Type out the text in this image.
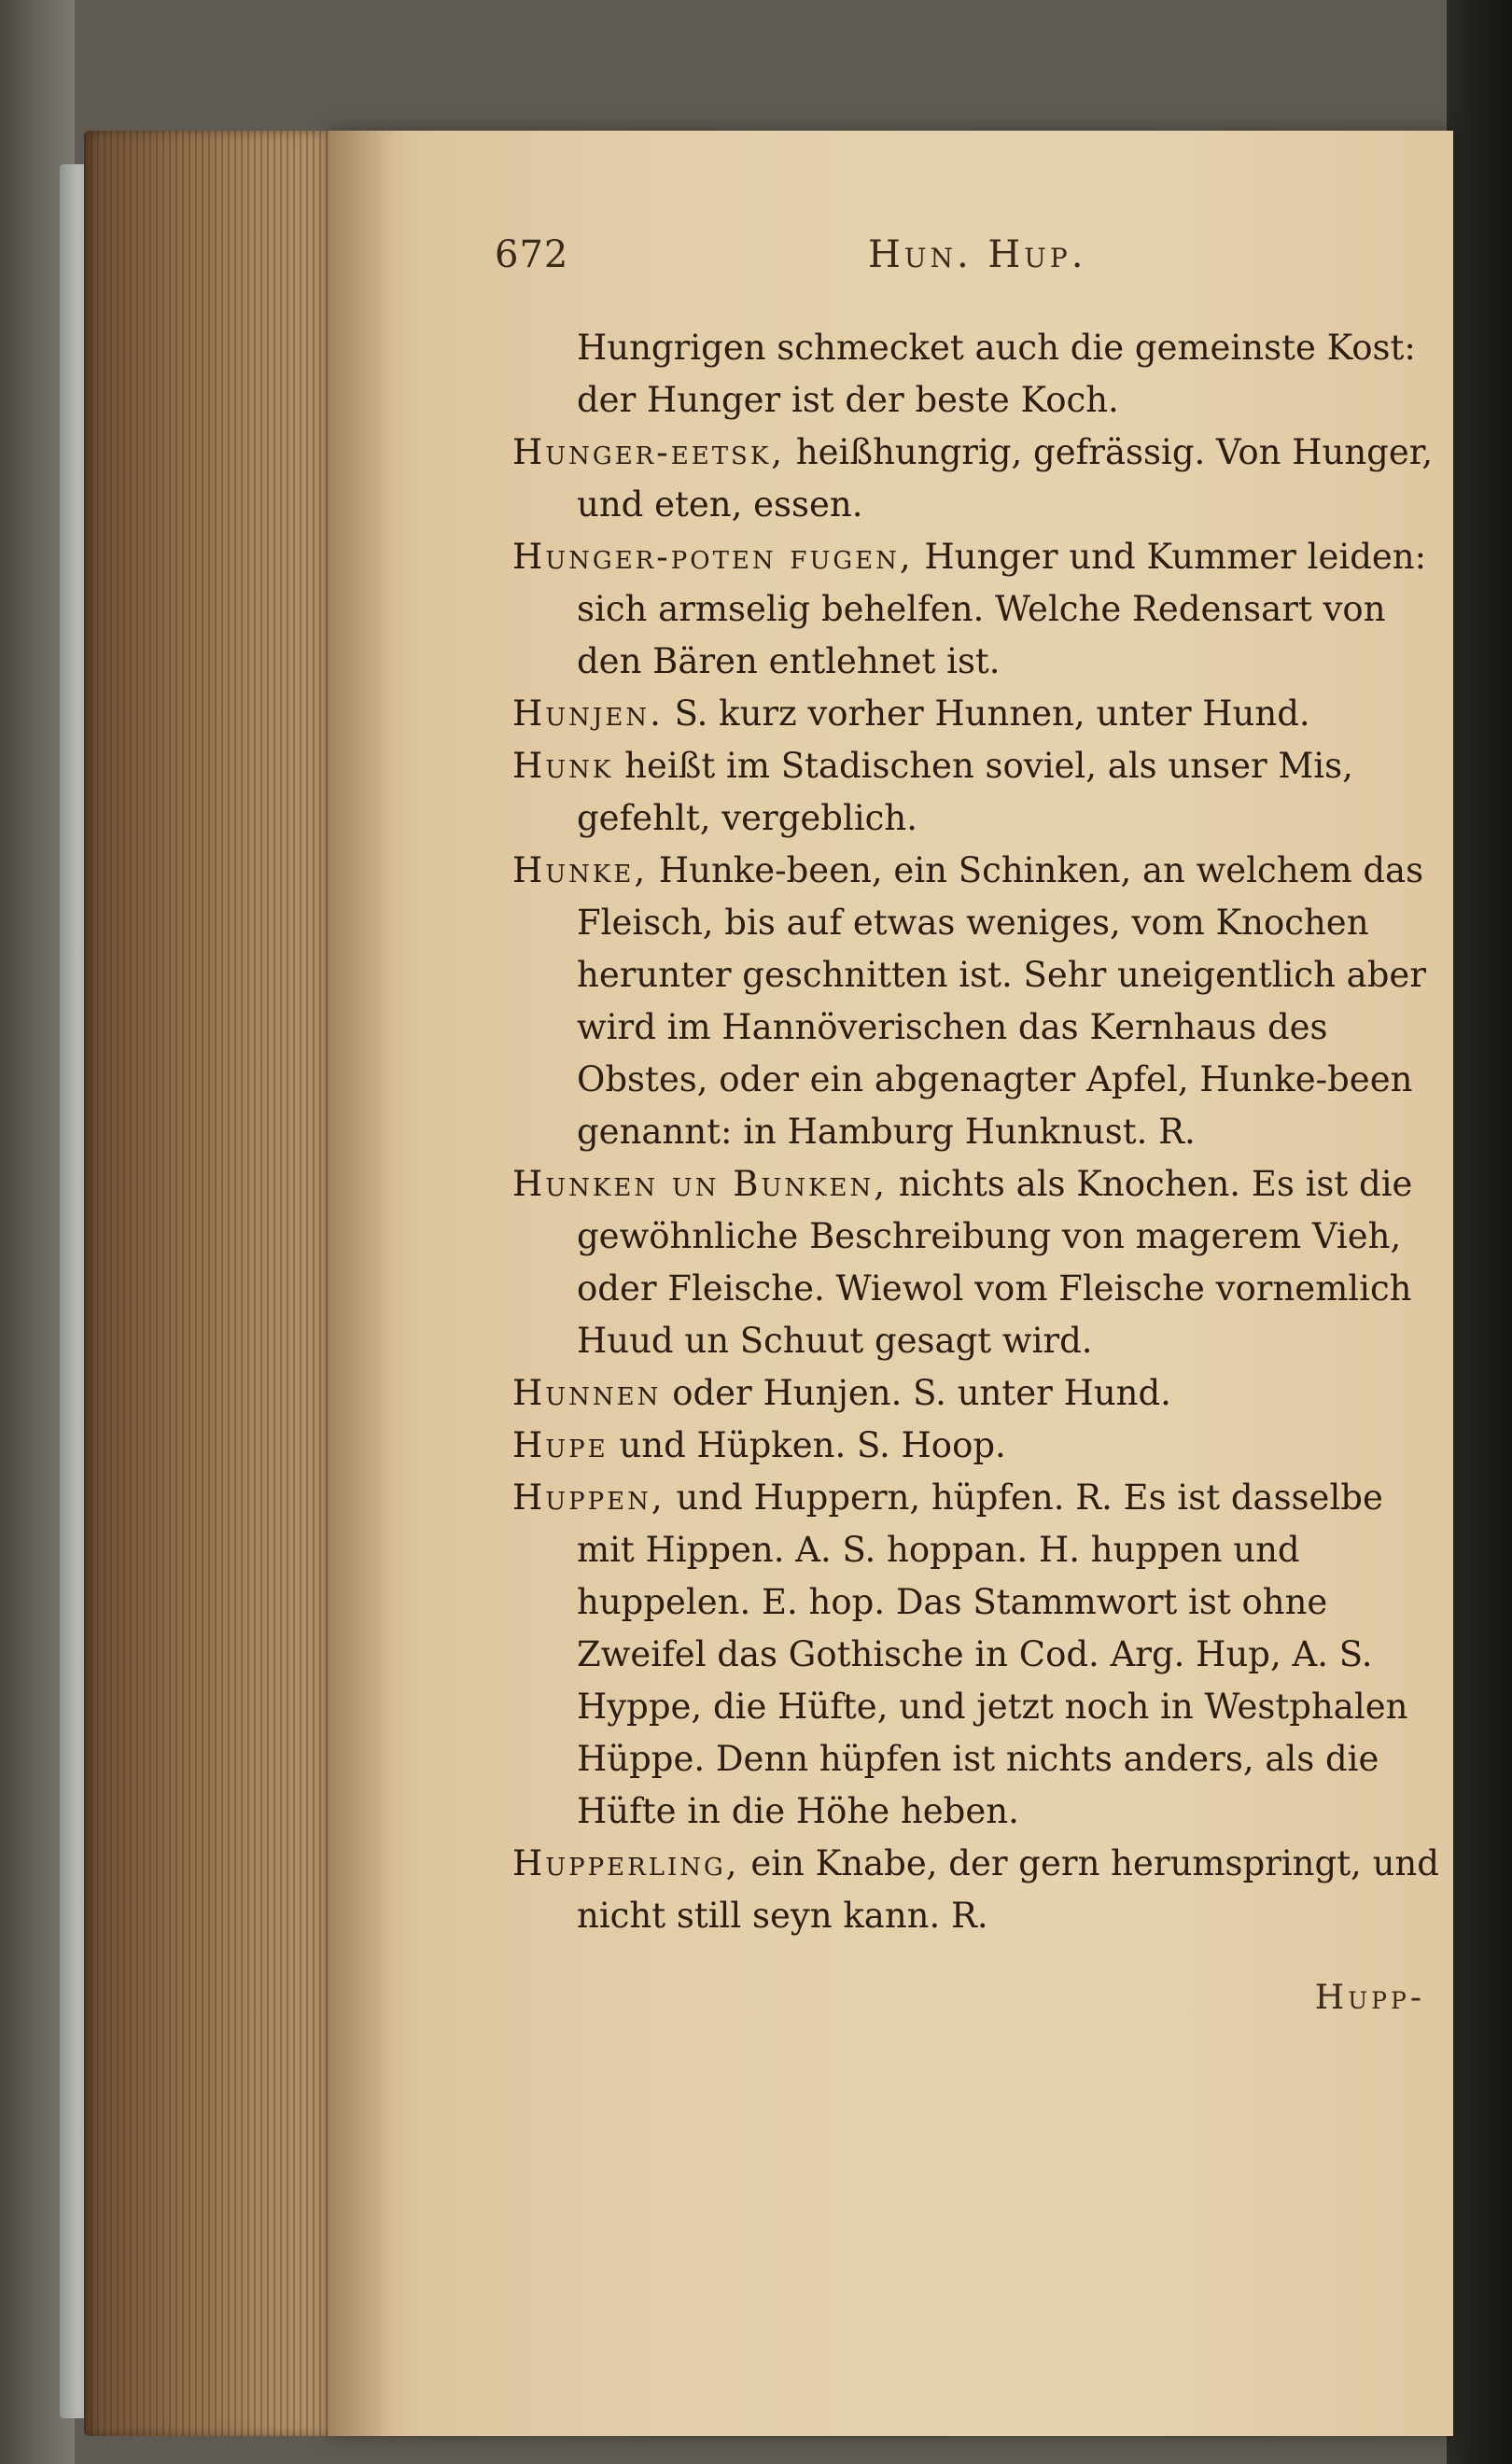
672	Hun. Hup.

Hungrigen schmecket auch die gemeinste Kost: der Hunger ist der beste Koch.

Hunger-eetsk, heißhungrig, gefrässig. Von Hunger, und eten, essen.

Hunger-poten fugen, Hunger und Kummer leiden: sich armselig behelfen. Welche Redensart von den Bären entlehnet ist.

Hunjen. S. kurz vorher Hunnen, unter Hund.

Hunk heißt im Stadischen soviel, als unser Mis, gefehlt, vergeblich.

Hunke, Hunke-been, ein Schinken, an welchem das Fleisch, bis auf etwas weniges, vom Knochen herunter geschnitten ist. Sehr uneigentlich aber wird im Hannöverischen das Kernhaus des Obstes, oder ein abgenagter Apfel, Hunke-been genannt: in Hamburg Hunknust. R.

Hunken un Bunken, nichts als Knochen. Es ist die gewöhnliche Beschreibung von magerem Vieh, oder Fleische. Wiewol vom Fleische vornemlich Huud un Schuut gesagt wird.

Hunnen oder Hunjen. S. unter Hund.

Hupe und Hüpken. S. Hoop.

Huppen, und Huppern, hüpfen. R. Es ist dasselbe mit Hippen. A. S. hoppan. H. huppen und huppelen. E. hop. Das Stammwort ist ohne Zweifel das Gothische in Cod. Arg. Hup, A. S. Hyppe, die Hüfte, und jetzt noch in Westphalen Hüppe. Denn hüpfen ist nichts anders, als die Hüfte in die Höhe heben.

Hupperling, ein Knabe, der gern herumspringt, und nicht still seyn kann. R.

Hupp-
